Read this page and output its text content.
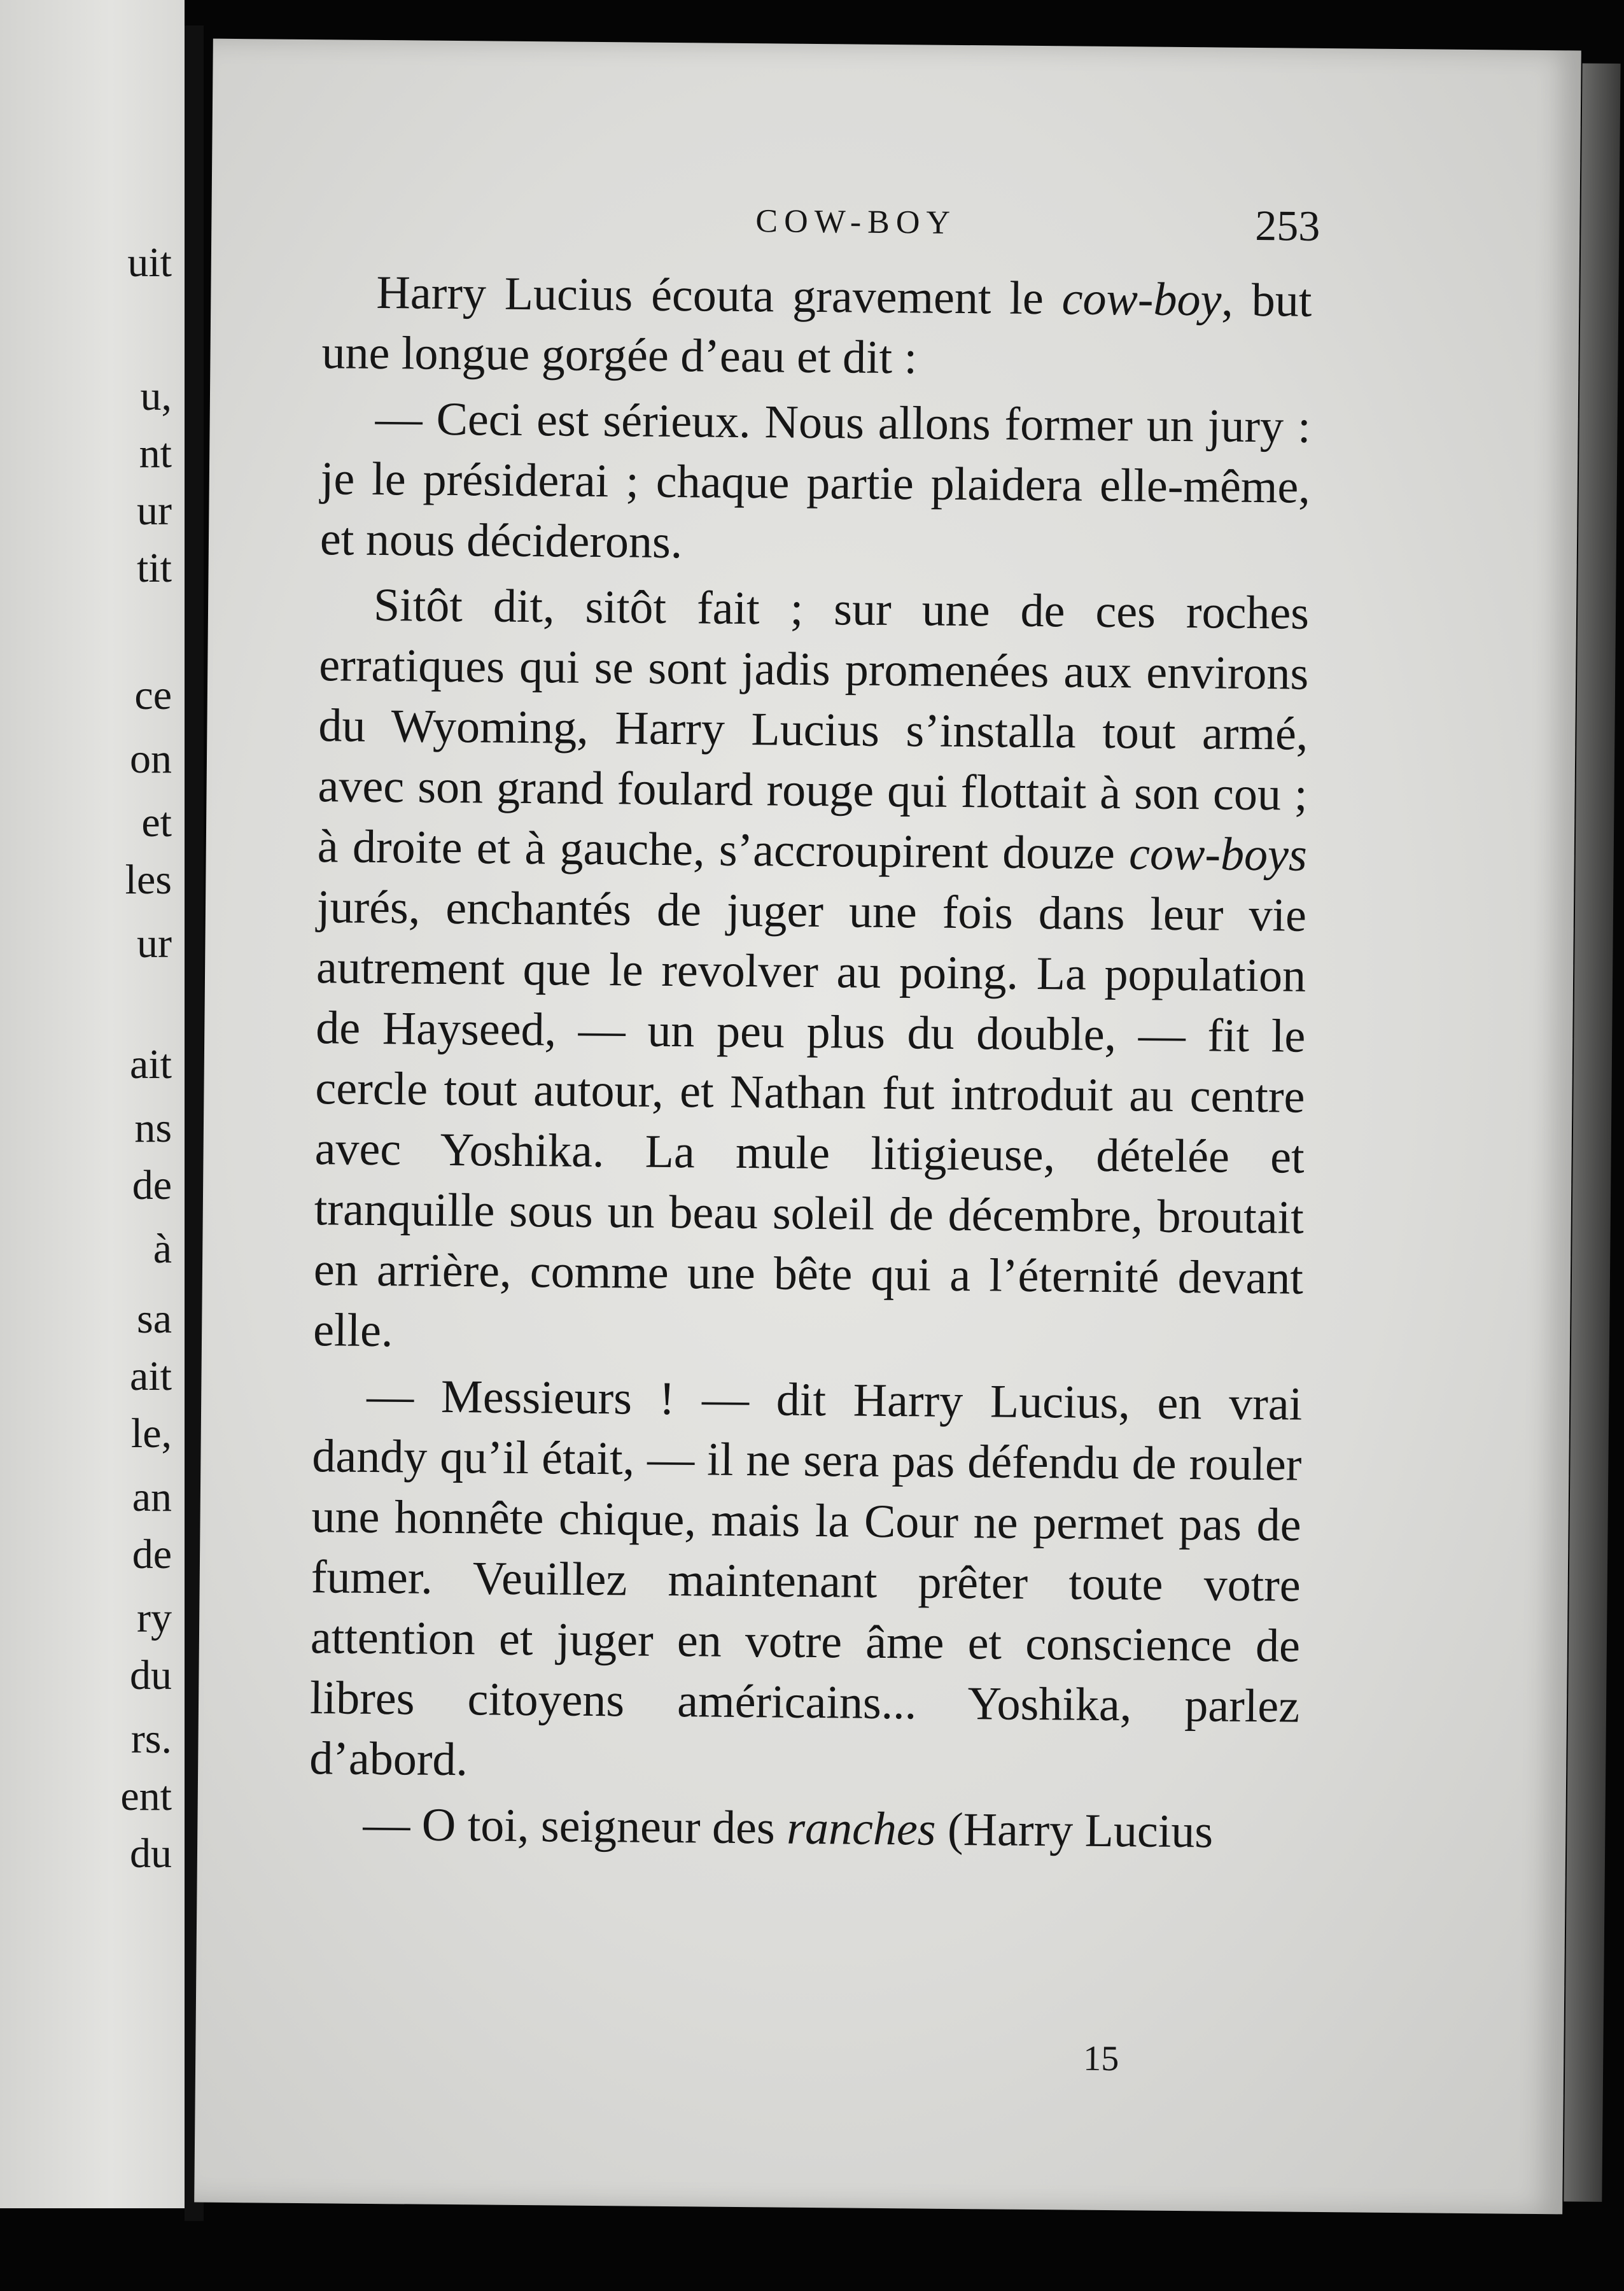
uit
u,
nt
ur
tit
ce
on
et
les
ur
ait
ns
de
à
sa
ait
le,
an
de
ry
du
rs.
ent
du
COW-BOY	253

Harry Lucius écouta gravement le cow-boy, but une longue gorgée d’eau et dit :

— Ceci est sérieux. Nous allons former un jury : je le présiderai ; chaque partie plaidera elle-même, et nous déciderons.

Sitôt dit, sitôt fait ; sur une de ces roches erratiques qui se sont jadis promenées aux environs du Wyoming, Harry Lucius s’installa tout armé, avec son grand foulard rouge qui flottait à son cou ; à droite et à gauche, s’accroupirent douze cow-boys jurés, enchantés de juger une fois dans leur vie autrement que le revolver au poing. La population de Hayseed, — un peu plus du double, — fit le cercle tout autour, et Nathan fut introduit au centre avec Yoshika. La mule litigieuse, dételée et tranquille sous un beau soleil de décembre, broutait en arrière, comme une bête qui a l’éternité devant elle.

— Messieurs ! — dit Harry Lucius, en vrai dandy qu’il était, — il ne sera pas défendu de rouler une honnête chique, mais la Cour ne permet pas de fumer. Veuillez maintenant prêter toute votre attention et juger en votre âme et conscience de libres citoyens américains... Yoshika, parlez d’abord.

— O toi, seigneur des ranches (Harry Lucius

15
